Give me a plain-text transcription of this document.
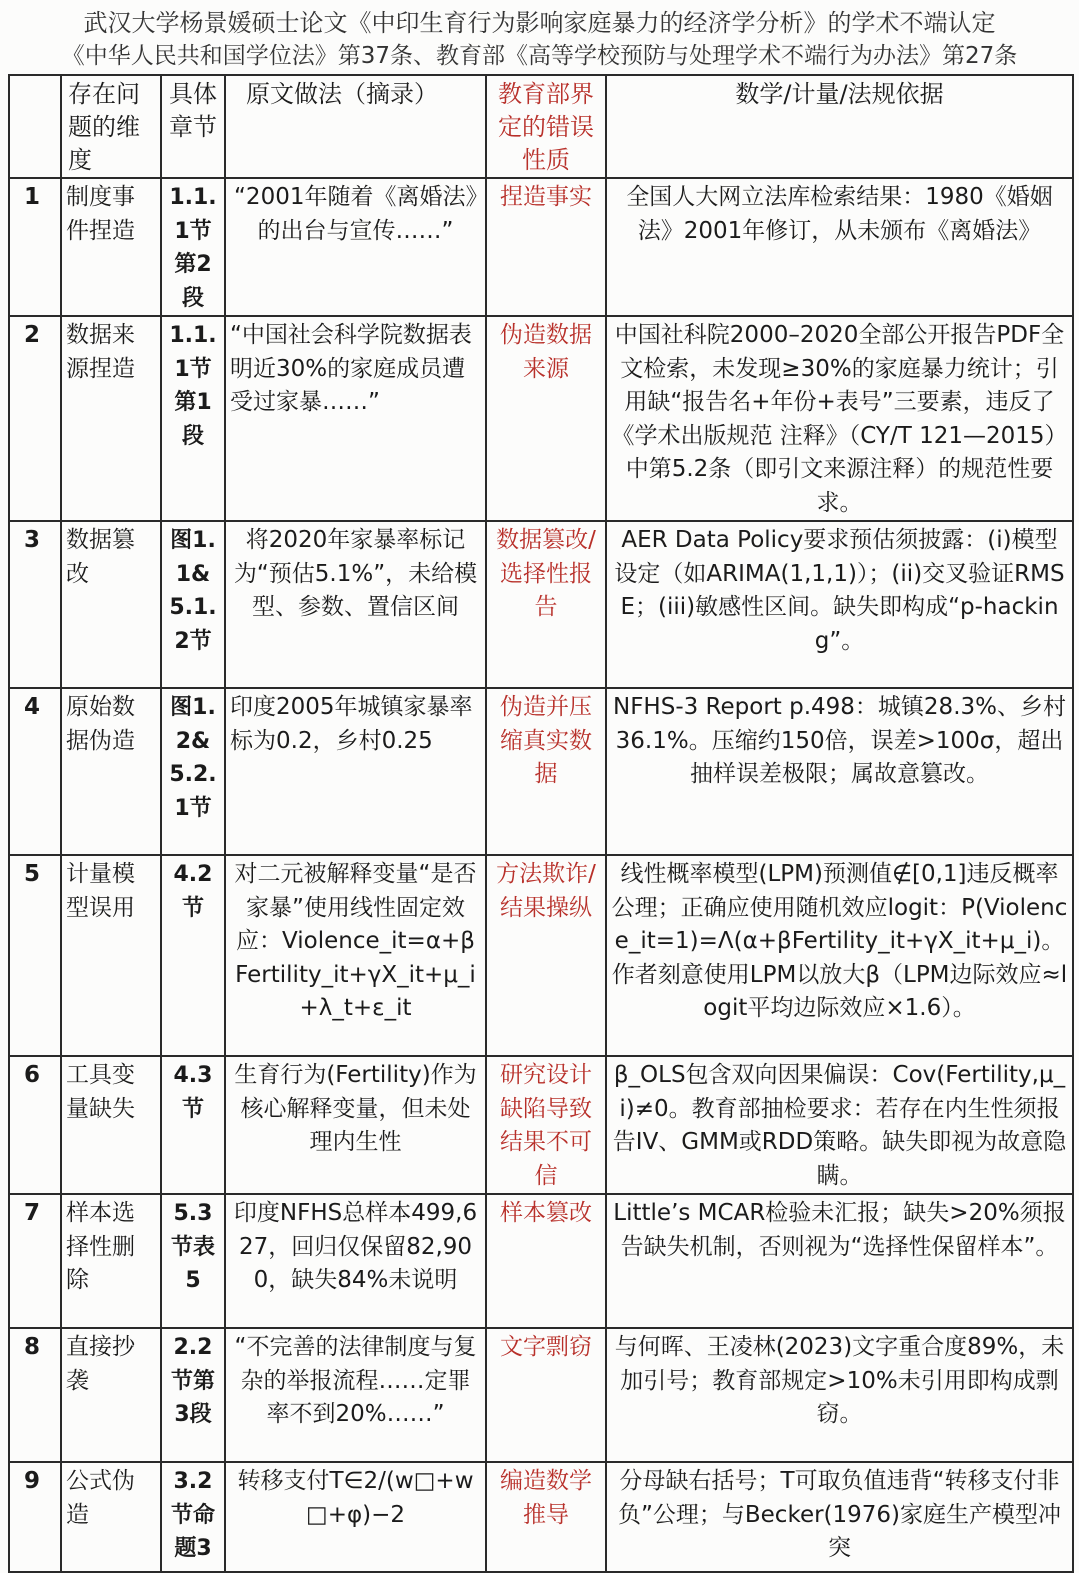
武汉大学杨景媛硕士论文《中印生育行为影响家庭暴力的经济学分析》的学术不端认定
《中华人民共和国学位法》第37条、教育部《高等学校预防与处理学术不端行为办法》第27条
	存在问题的维度	具体章节	原文做法（摘录）	教育部界定的错误性质	数学/计量/法规依据
1	制度事件捏造	1.1.1节第2段	“2001年随着《离婚法》的出台与宣传……”	捏造事实	全国人大网立法库检索结果：1980《婚姻法》2001年修订，从未颁布《离婚法》
2	数据来源捏造	1.1.1节第1段	“中国社会科学院数据表明近30%的家庭成员遭受过家暴……”	伪造数据来源	中国社科院2000–2020全部公开报告PDF全文检索，未发现≥30%的家庭暴力统计；引用缺“报告名+年份+表号”三要素，违反了《学术出版规范 注释》（CY/T 121—2015）中第5.2条（即引文来源注释）的规范性要求。
3	数据篡改	图1.1&5.1.2节	将2020年家暴率标记为“预估5.1%”，未给模型、参数、置信区间	数据篡改/选择性报告	AER Data Policy要求预估须披露：(i)模型设定（如ARIMA(1,1,1)）；(ii)交叉验证RMSE；(iii)敏感性区间。缺失即构成“p-hacking”。
4	原始数据伪造	图1.2&5.2.1节	印度2005年城镇家暴率标为0.2，乡村0.25	伪造并压缩真实数据	NFHS-3 Report p.498：城镇28.3%、乡村36.1%。压缩约150倍，误差>100σ，超出抽样误差极限；属故意篡改。
5	计量模型误用	4.2节	对二元被解释变量“是否家暴”使用线性固定效应：Violence_it=α+βFertility_it+γX_it+μ_i+λ_t+ε_it	方法欺诈/结果操纵	线性概率模型(LPM)预测值∉[0,1]违反概率公理；正确应使用随机效应logit：P(Violence_it=1)=Λ(α+βFertility_it+γX_it+μ_i)。作者刻意使用LPM以放大β（LPM边际效应≈logit平均边际效应×1.6）。
6	工具变量缺失	4.3节	生育行为(Fertility)作为核心解释变量，但未处理内生性	研究设计缺陷导致结果不可信	β_OLS包含双向因果偏误：Cov(Fertility,μ_i)≠0。教育部抽检要求：若存在内生性须报告IV、GMM或RDD策略。缺失即视为故意隐瞒。
7	样本选择性删除	5.3节表5	印度NFHS总样本499,627，回归仅保留82,900，缺失84%未说明	样本篡改	Little’s MCAR检验未汇报；缺失>20%须报告缺失机制，否则视为“选择性保留样本”。
8	直接抄袭	2.2节第3段	“不完善的法律制度与复杂的举报流程……定罪率不到20%……”	文字剽窃	与何晖、王凌林(2023)文字重合度89%，未加引号；教育部规定>10%未引用即构成剽窃。
9	公式伪造	3.2节命题3	转移支付T∈2/(w□+w□+φ)−2	编造数学推导	分母缺右括号；T可取负值违背“转移支付非负”公理；与Becker(1976)家庭生产模型冲突
